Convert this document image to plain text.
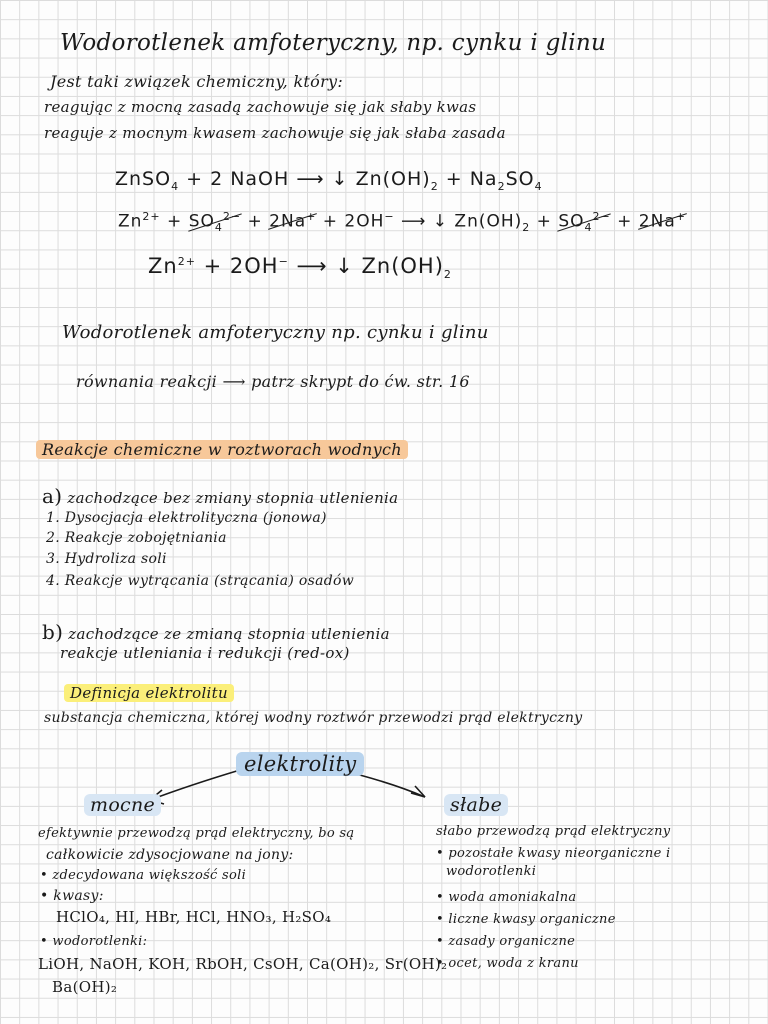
Wodorotlenek amfoteryczny, np. cynku i glinu
Jest taki związek chemiczny, który:
reagując z mocną zasadą zachowuje się jak słaby kwas
reaguje z mocnym kwasem zachowuje się jak słaba zasada
ZnSO$_4$ + 2 NaOH ⟶ ↓ $Zn(OH)_2 + Na_2SO_4$
$Zn^{2+} + SO_4^{2-} + 2Na^+ + 2OH^-$ ⟶ ↓ $Zn(OH)_2 + SO_4^{2-} + 2Na^+$
$Zn^{2+} + 2OH^-$ ⟶ ↓ $Zn(OH)_2$
Wodorotlenek amfoteryczny np. cynku i glinu
równania reakcji ⟶ patrz skrypt do ćw. str. 16
Reakcje chemiczne w roztworach wodnych
a) zachodzące bez zmiany stopnia utlenienia
1. Dysocjacja elektrolityczna (jonowa)
2. Reakcje zobojętniania
3. Hydroliza soli
4. Reakcje wytrącania (strącania) osadów
b) zachodzące ze zmianą stopnia utlenienia
reakcje utleniania i redukcji (red-ox)
Definicja elektrolitu
substancja chemiczna, której wodny roztwór przewodzi prąd elektryczny
elektrolity
mocne	słabe
efektywnie przewodzą prąd elektryczny, bo są
całkowicie zdysocjowane na jony:
• zdecydowana większość soli
• kwasy:
HClO₄, HI, HBr, HCl, HNO₃, H₂SO₄
• wodorotlenki:
LiOH, NaOH, KOH, RbOH, CsOH, Ca(OH)₂, Sr(OH)₂
Ba(OH)₂
słabo przewodzą prąd elektryczny
• pozostałe kwasy nieorganiczne i
wodorotlenki
• woda amoniakalna
• liczne kwasy organiczne
• zasady organiczne
• ocet, woda z kranu
